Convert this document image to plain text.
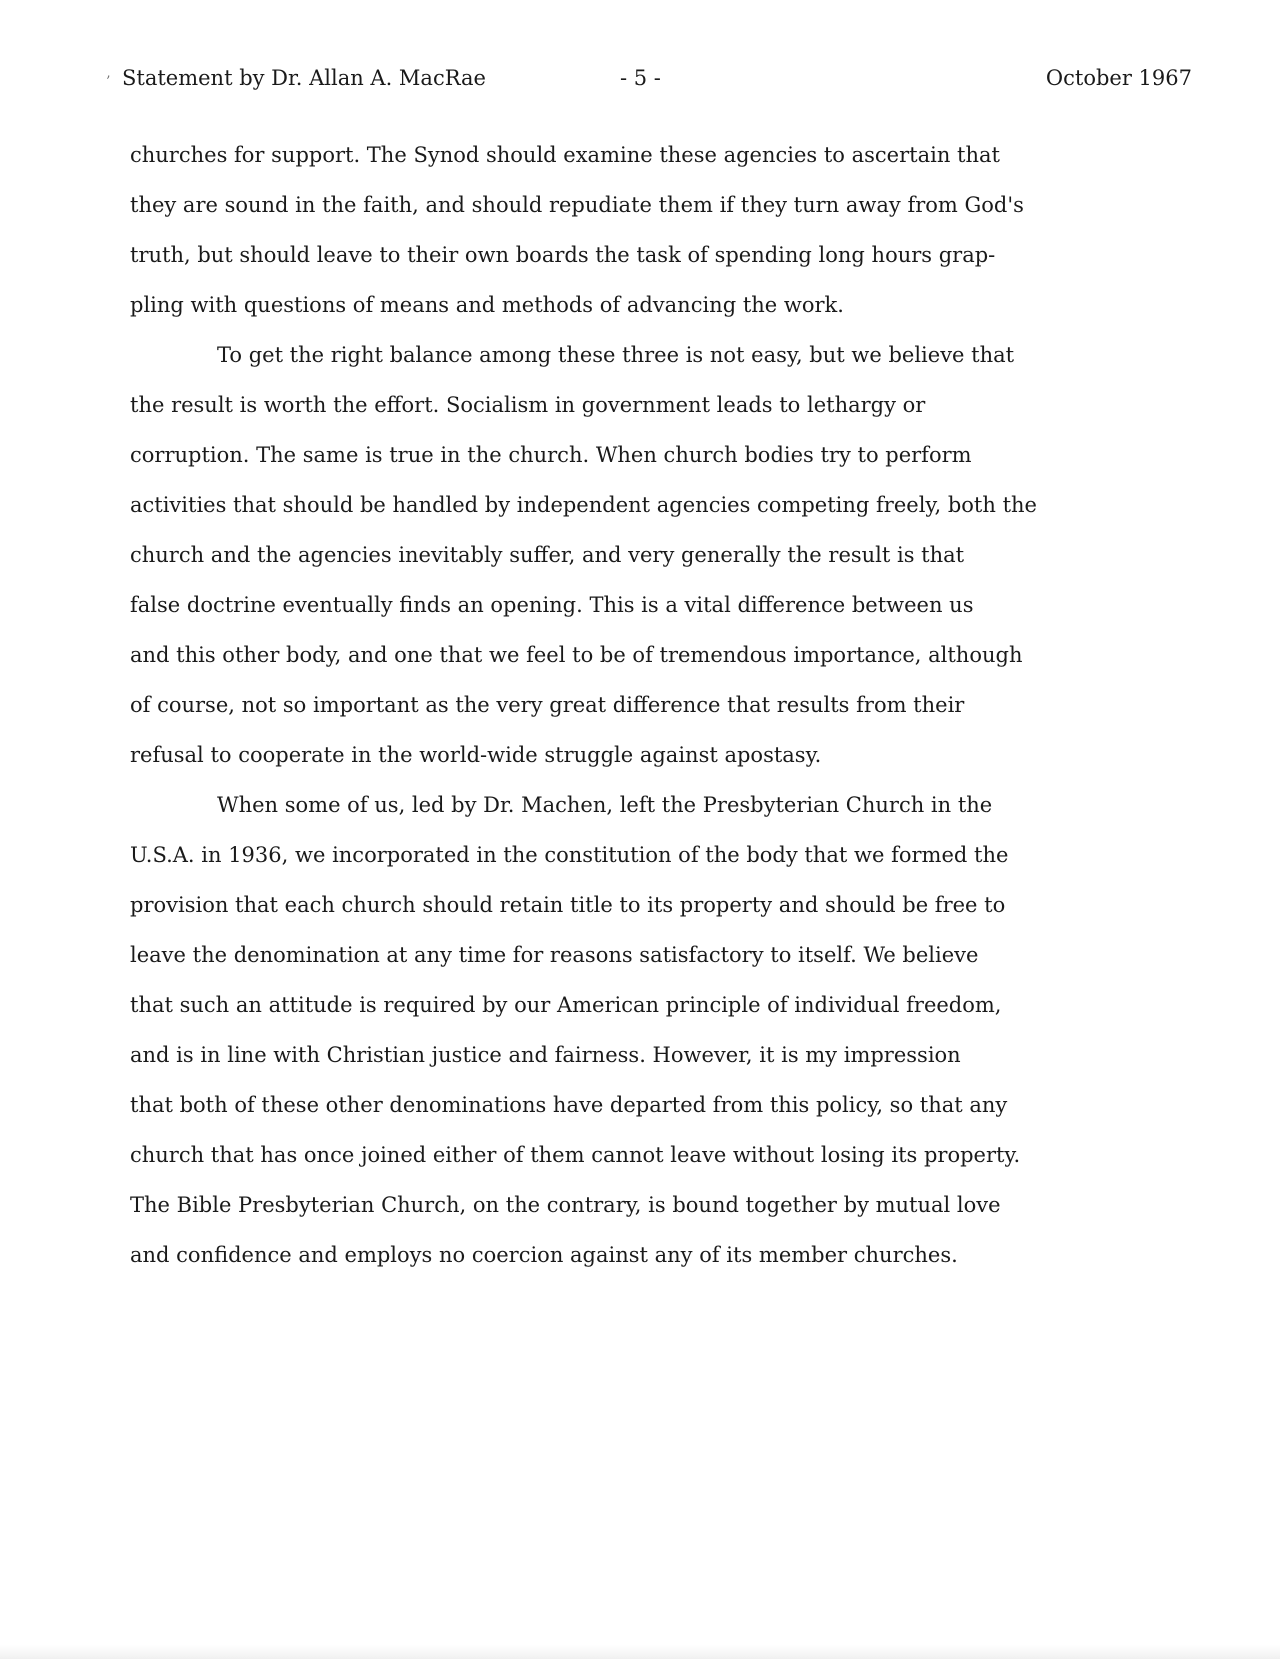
’ Statement by Dr. Allan A. MacRae	- 5 -	October 1967
churches for support. The Synod should examine these agencies to ascertain that
they are sound in the faith, and should repudiate them if they turn away from God's
truth, but should leave to their own boards the task of spending long hours grap-
pling with questions of means and methods of advancing the work.
To get the right balance among these three is not easy, but we believe that
the result is worth the effort. Socialism in government leads to lethargy or
corruption. The same is true in the church. When church bodies try to perform
activities that should be handled by independent agencies competing freely, both the
church and the agencies inevitably suffer, and very generally the result is that
false doctrine eventually finds an opening. This is a vital difference between us
and this other body, and one that we feel to be of tremendous importance, although
of course, not so important as the very great difference that results from their
refusal to cooperate in the world-wide struggle against apostasy.
When some of us, led by Dr. Machen, left the Presbyterian Church in the
U.S.A. in 1936, we incorporated in the constitution of the body that we formed the
provision that each church should retain title to its property and should be free to
leave the denomination at any time for reasons satisfactory to itself. We believe
that such an attitude is required by our American principle of individual freedom,
and is in line with Christian justice and fairness. However, it is my impression
that both of these other denominations have departed from this policy, so that any
church that has once joined either of them cannot leave without losing its property.
The Bible Presbyterian Church, on the contrary, is bound together by mutual love
and confidence and employs no coercion against any of its member churches.
